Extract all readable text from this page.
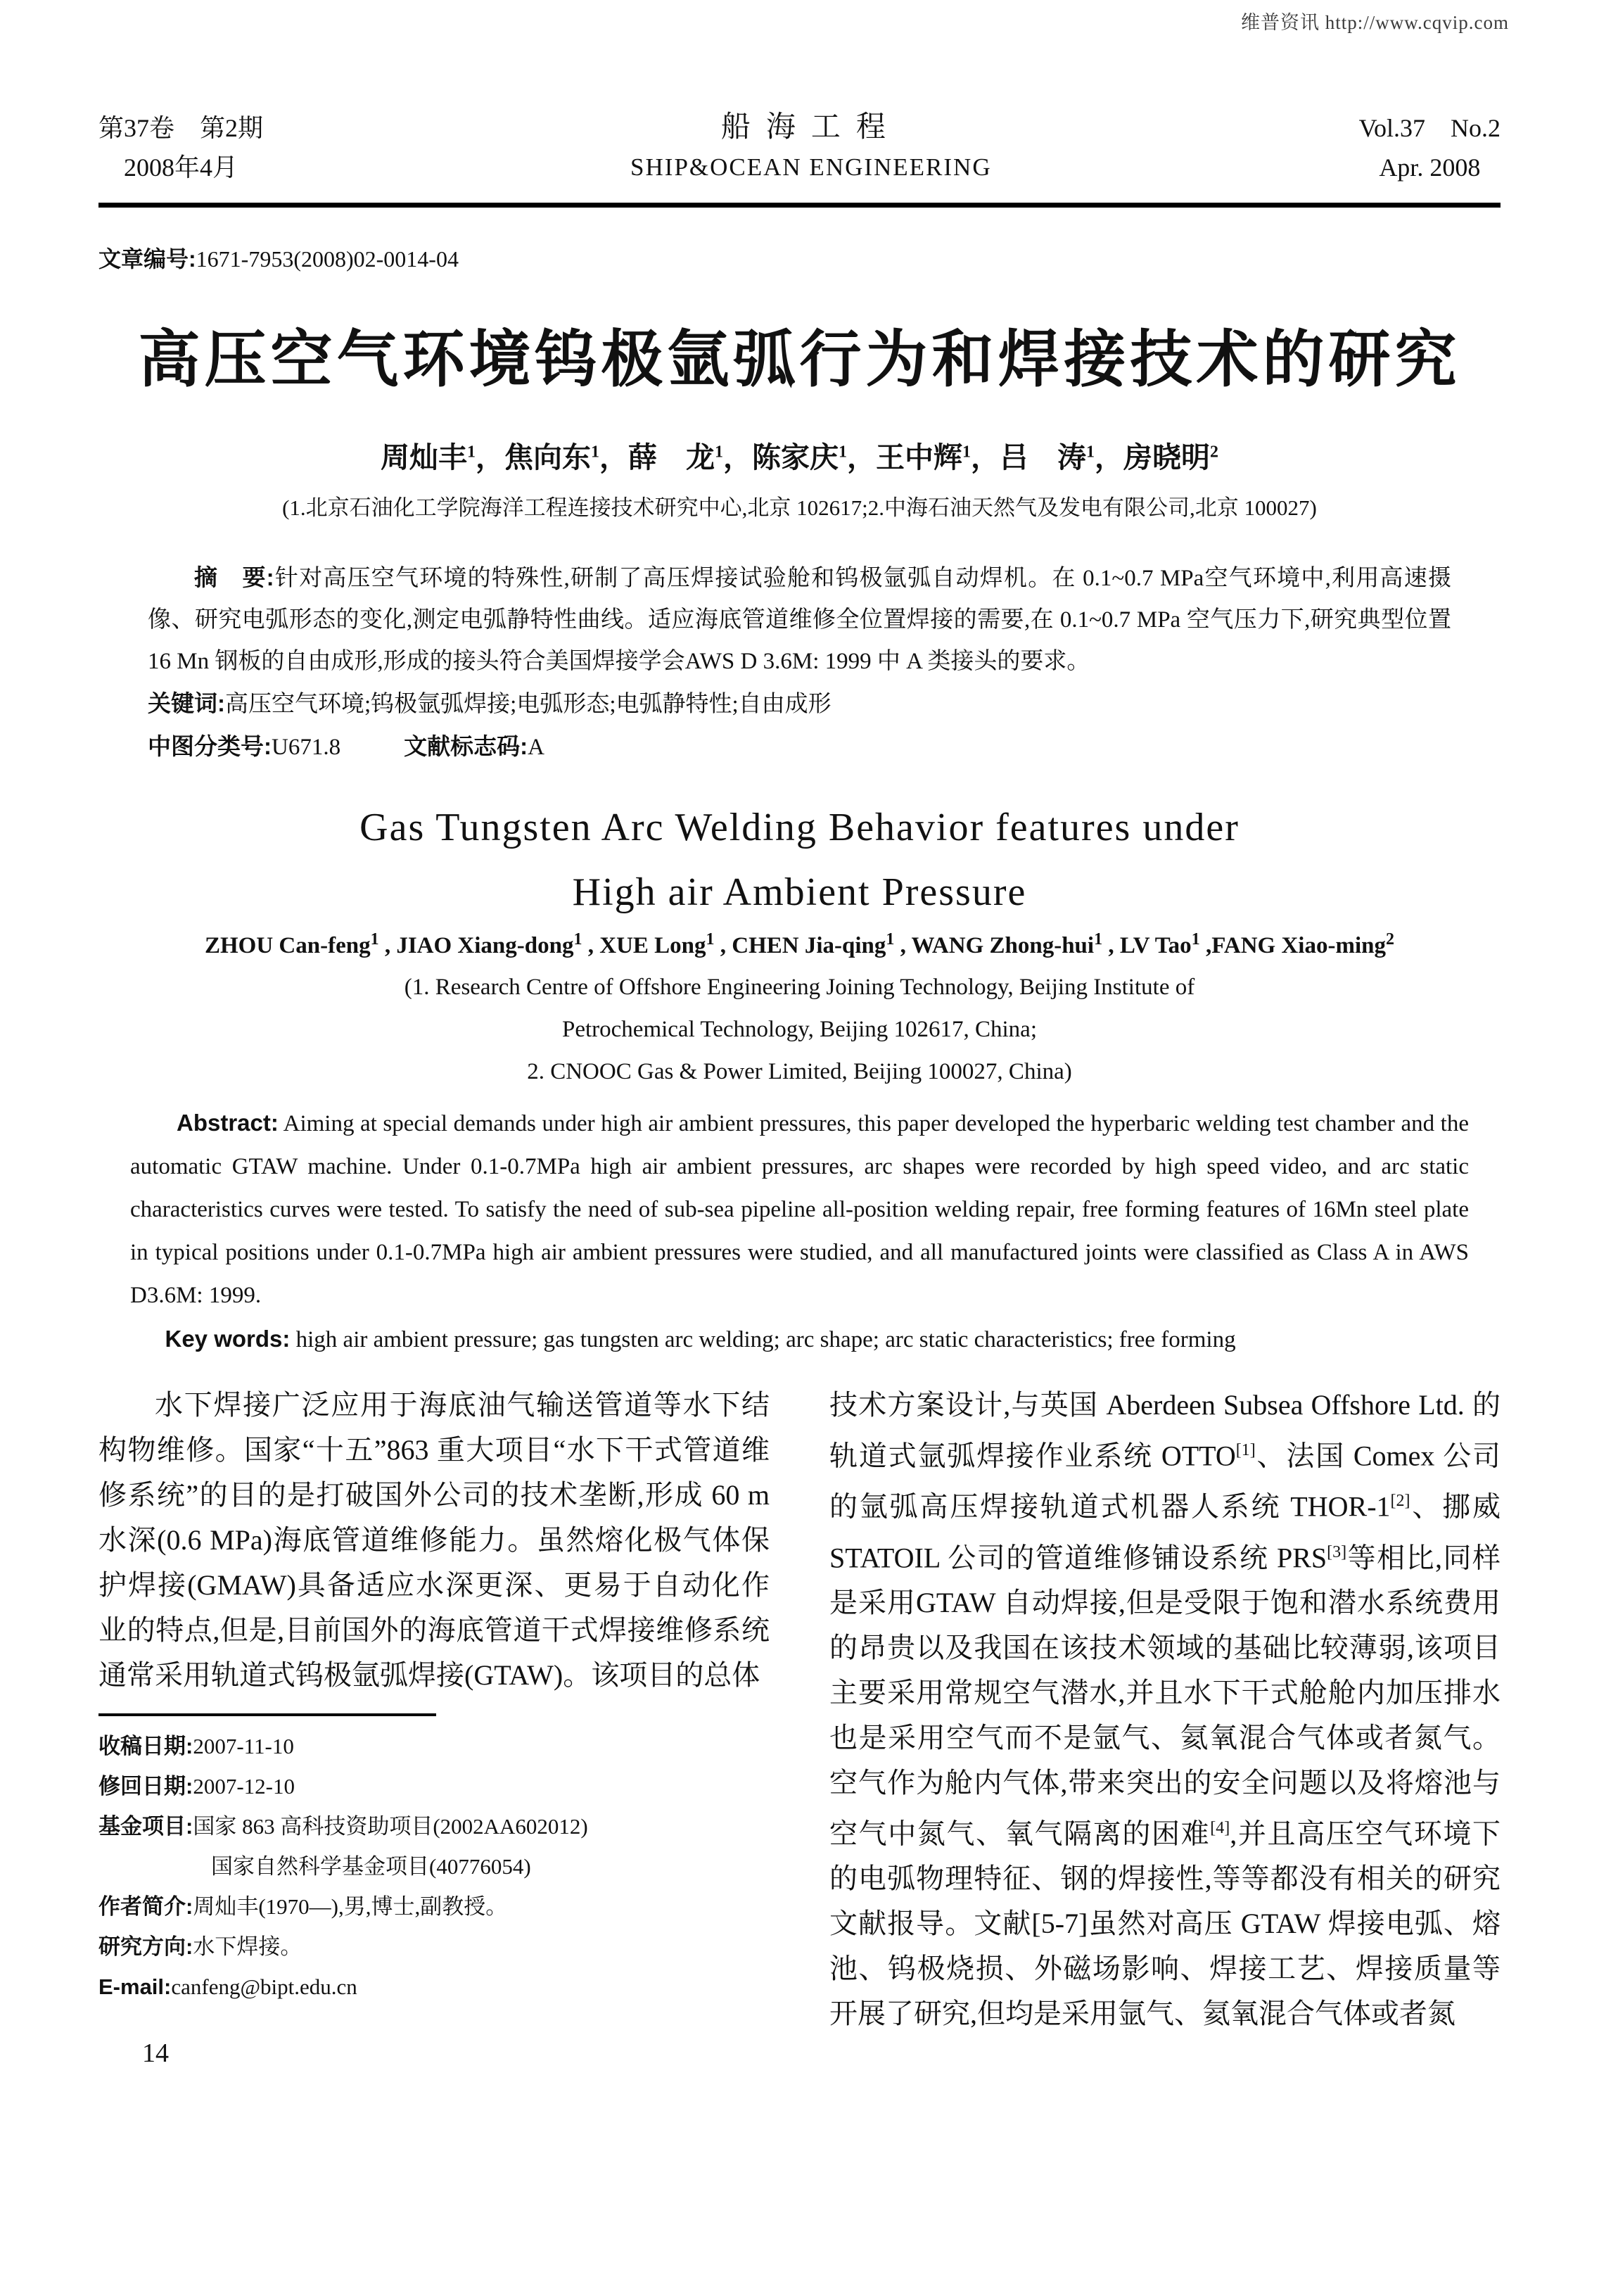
维普资讯 http://www.cqvip.com
第37卷　第2期
2008年4月
船海工程
SHIP&OCEAN ENGINEERING
Vol.37　No.2
Apr. 2008
文章编号:1671-7953(2008)02-0014-04
高压空气环境钨极氩弧行为和焊接技术的研究
周灿丰$^1$，焦向东$^1$，薛　龙$^1$，陈家庆$^1$，王中辉$^1$，吕　涛$^1$，房晓明$^2$
(1.北京石油化工学院海洋工程连接技术研究中心,北京 102617;2.中海石油天然气及发电有限公司,北京 100027)

摘　要:针对高压空气环境的特殊性,研制了高压焊接试验舱和钨极氩弧自动焊机。在 0.1~0.7 MPa空气环境中,利用高速摄像、研究电弧形态的变化,测定电弧静特性曲线。适应海底管道维修全位置焊接的需要,在 0.1~0.7 MPa 空气压力下,研究典型位置 16 Mn 钢板的自由成形,形成的接头符合美国焊接学会AWS D 3.6M: 1999 中 A 类接头的要求。

关键词:高压空气环境;钨极氩弧焊接;电弧形态;电弧静特性;自由成形

中图分类号:U671.8	文献标志码:A

Gas Tungsten Arc Welding Behavior features under
High air Ambient Pressure
ZHOU Can-feng$^1$ , JIAO Xiang-dong$^1$ , XUE Long$^1$ , CHEN Jia-qing$^1$ , WANG Zhong-hui$^1$ , LV Tao$^1$ ,FANG Xiao-ming$^2$
(1. Research Centre of Offshore Engineering Joining Technology, Beijing Institute of
Petrochemical Technology, Beijing 102617, China;
2. CNOOC Gas & Power Limited, Beijing 100027, China)

Abstract: Aiming at special demands under high air ambient pressures, this paper developed the hyperbaric welding test chamber and the automatic GTAW machine. Under 0.1-0.7MPa high air ambient pressures, arc shapes were recorded by high speed video, and arc static characteristics curves were tested. To satisfy the need of sub-sea pipeline all-position welding repair, free forming features of 16Mn steel plate in typical positions under 0.1-0.7MPa high air ambient pressures were studied, and all manufactured joints were classified as Class A in AWS D3.6M: 1999.

Key words: high air ambient pressure; gas tungsten arc welding; arc shape; arc static characteristics; free forming

水下焊接广泛应用于海底油气输送管道等水下结构物维修。国家“十五”863 重大项目“水下干式管道维修系统”的目的是打破国外公司的技术垄断,形成 60 m 水深(0.6 MPa)海底管道维修能力。虽然熔化极气体保护焊接(GMAW)具备适应水深更深、更易于自动化作业的特点,但是,目前国外的海底管道干式焊接维修系统通常采用轨道式钨极氩弧焊接(GTAW)。该项目的总体

收稿日期:2007-11-10
修回日期:2007-12-10
基金项目:国家 863 高科技资助项目(2002AA602012)
国家自然科学基金项目(40776054)
作者简介:周灿丰(1970—),男,博士,副教授。
研究方向:水下焊接。
E-mail:canfeng@bipt.edu.cn
14

技术方案设计,与英国 Aberdeen Subsea Offshore Ltd. 的轨道式氩弧焊接作业系统 OTTO[1]、法国 Comex 公司的氩弧高压焊接轨道式机器人系统 THOR-1[2]、挪威 STATOIL 公司的管道维修铺设系统 PRS[3]等相比,同样是采用GTAW 自动焊接,但是受限于饱和潜水系统费用的昂贵以及我国在该技术领域的基础比较薄弱,该项目主要采用常规空气潜水,并且水下干式舱舱内加压排水也是采用空气而不是氩气、氦氧混合气体或者氮气。空气作为舱内气体,带来突出的安全问题以及将熔池与空气中氮气、氧气隔离的困难[4],并且高压空气环境下的电弧物理特征、钢的焊接性,等等都没有相关的研究文献报导。文献[5-7]虽然对高压 GTAW 焊接电弧、熔池、钨极烧损、外磁场影响、焊接工艺、焊接质量等开展了研究,但均是采用氩气、氦氧混合气体或者氮
